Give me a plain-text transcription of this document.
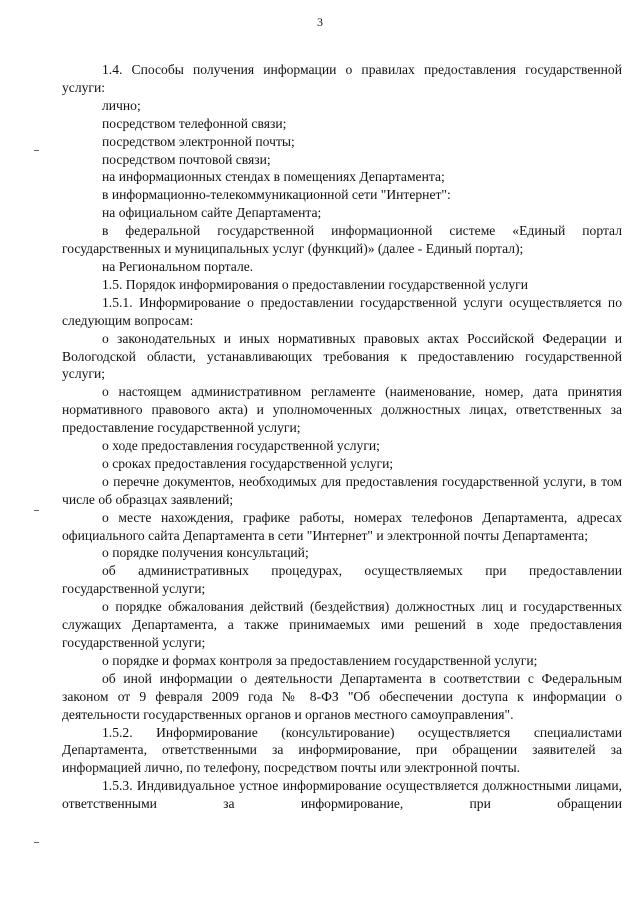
3

1.4. Способы получения информации о правилах предоставления государственной услуги:

лично;

посредством телефонной связи;

посредством электронной почты;

посредством почтовой связи;

на информационных стендах в помещениях Департамента;

в информационно-телекоммуникационной сети "Интернет":

на официальном сайте Департамента;

в федеральной государственной информационной системе «Единый портал государственных и муниципальных услуг (функций)» (далее - Единый портал);

на Региональном портале.

1.5. Порядок информирования о предоставлении государственной услуги

1.5.1. Информирование о предоставлении государственной услуги осуществляется по следующим вопросам:

о законодательных и иных нормативных правовых актах Российской Федерации и Вологодской области, устанавливающих требования к предоставлению государственной услуги;

о настоящем административном регламенте (наименование, номер, дата принятия нормативного правового акта) и уполномоченных должностных лицах, ответственных за предоставление государственной услуги;

о ходе предоставления государственной услуги;

о сроках предоставления государственной услуги;

о перечне документов, необходимых для предоставления государственной услуги, в том числе об образцах заявлений;

о месте нахождения, графике работы, номерах телефонов Департамента, адресах официального сайта Департамента в сети "Интернет" и электронной почты Департамента;

о порядке получения консультаций;

об административных процедурах, осуществляемых при предоставлении государственной услуги;

о порядке обжалования действий (бездействия) должностных лиц и государственных служащих Департамента, а также принимаемых ими решений в ходе предоставления государственной услуги;

о порядке и формах контроля за предоставлением государственной услуги;

об иной информации о деятельности Департамента в соответствии с Федеральным законом от 9 февраля 2009 года № 8-ФЗ "Об обеспечении доступа к информации о деятельности государственных органов и органов местного самоуправления".

1.5.2. Информирование (консультирование) осуществляется специалистами Департамента, ответственными за информирование, при обращении заявителей за информацией лично, по телефону, посредством почты или электронной почты.

1.5.3. Индивидуальное устное информирование осуществляется должностными лицами, ответственными за информирование, при обращении
